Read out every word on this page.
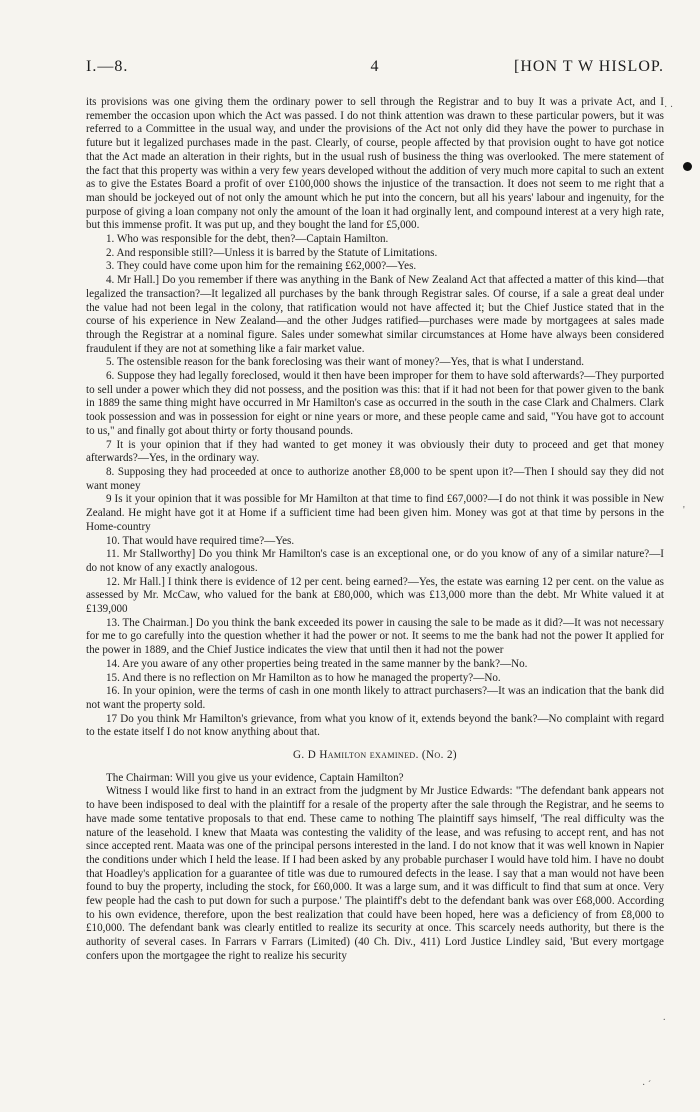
I.—8.	4	[HON T W HISLOP.
· ·
'
.
· ´

its provisions was one giving them the ordinary power to sell through the Registrar and to buy It was a private Act, and I remember the occasion upon which the Act was passed. I do not think attention was drawn to these particular powers, but it was referred to a Committee in the usual way, and under the provisions of the Act not only did they have the power to purchase in future but it legalized purchases made in the past. Clearly, of course, people affected by that provision ought to have got notice that the Act made an alteration in their rights, but in the usual rush of business the thing was overlooked. The mere statement of the fact that this property was within a very few years developed without the addition of very much more capital to such an extent as to give the Estates Board a profit of over £100,000 shows the injustice of the transaction. It does not seem to me right that a man should be jockeyed out of not only the amount which he put into the concern, but all his years' labour and ingenuity, for the purpose of giving a loan company not only the amount of the loan it had orginally lent, and compound interest at a very high rate, but this immense profit. It was put up, and they bought the land for £5,000.

1. Who was responsible for the debt, then?—Captain Hamilton.

2. And responsible still?—Unless it is barred by the Statute of Limitations.

3. They could have come upon him for the remaining £62,000?—Yes.

4. Mr Hall.] Do you remember if there was anything in the Bank of New Zealand Act that affected a matter of this kind—that legalized the transaction?—It legalized all purchases by the bank through Registrar sales. Of course, if a sale a great deal under the value had not been legal in the colony, that ratification would not have affected it; but the Chief Justice stated that in the course of his experience in New Zealand—and the other Judges ratified—purchases were made by mortgagees at sales made through the Registrar at a nominal figure. Sales under somewhat similar circumstances at Home have always been considered fraudulent if they are not at something like a fair market value.

5. The ostensible reason for the bank foreclosing was their want of money?—Yes, that is what I understand.

6. Suppose they had legally foreclosed, would it then have been improper for them to have sold afterwards?—They purported to sell under a power which they did not possess, and the position was this: that if it had not been for that power given to the bank in 1889 the same thing might have occurred in Mr Hamilton's case as occurred in the south in the case Clark and Chalmers. Clark took possession and was in possession for eight or nine years or more, and these people came and said, "You have got to account to us," and finally got about thirty or forty thousand pounds.

7 It is your opinion that if they had wanted to get money it was obviously their duty to proceed and get that money afterwards?—Yes, in the ordinary way.

8. Supposing they had proceeded at once to authorize another £8,000 to be spent upon it?—Then I should say they did not want money

9 Is it your opinion that it was possible for Mr Hamilton at that time to find £67,000?—I do not think it was possible in New Zealand. He might have got it at Home if a sufficient time had been given him. Money was got at that time by persons in the Home-country

10. That would have required time?—Yes.

11. Mr Stallworthy] Do you think Mr Hamilton's case is an exceptional one, or do you know of any of a similar nature?—I do not know of any exactly analogous.

12. Mr Hall.] I think there is evidence of 12 per cent. being earned?—Yes, the estate was earning 12 per cent. on the value as assessed by Mr. McCaw, who valued for the bank at £80,000, which was £13,000 more than the debt. Mr White valued it at £139,000

13. The Chairman.] Do you think the bank exceeded its power in causing the sale to be made as it did?—It was not necessary for me to go carefully into the question whether it had the power or not. It seems to me the bank had not the power It applied for the power in 1889, and the Chief Justice indicates the view that until then it had not the power

14. Are you aware of any other properties being treated in the same manner by the bank?—No.

15. And there is no reflection on Mr Hamilton as to how he managed the property?—No.

16. In your opinion, were the terms of cash in one month likely to attract purchasers?—It was an indication that the bank did not want the property sold.

17 Do you think Mr Hamilton's grievance, from what you know of it, extends beyond the bank?—No complaint with regard to the estate itself I do not know anything about that.

G. D Hamilton examined. (No. 2)

The Chairman: Will you give us your evidence, Captain Hamilton?

Witness I would like first to hand in an extract from the judgment by Mr Justice Edwards: "The defendant bank appears not to have been indisposed to deal with the plaintiff for a resale of the property after the sale through the Registrar, and he seems to have made some tentative proposals to that end. These came to nothing The plaintiff says himself, 'The real difficulty was the nature of the leasehold. I knew that Maata was contesting the validity of the lease, and was refusing to accept rent, and has not since accepted rent. Maata was one of the principal persons interested in the land. I do not know that it was well known in Napier the conditions under which I held the lease. If I had been asked by any probable purchaser I would have told him. I have no doubt that Hoadley's application for a guarantee of title was due to rumoured defects in the lease. I say that a man would not have been found to buy the property, including the stock, for £60,000. It was a large sum, and it was difficult to find that sum at once. Very few people had the cash to put down for such a purpose.' The plaintiff's debt to the defendant bank was over £68,000. According to his own evidence, therefore, upon the best realization that could have been hoped, here was a deficiency of from £8,000 to £10,000. The defendant bank was clearly entitled to realize its security at once. This scarcely needs authority, but there is the authority of several cases. In Farrars v Farrars (Limited) (40 Ch. Div., 411) Lord Justice Lindley said, 'But every mortgage confers upon the mortgagee the right to realize his security
